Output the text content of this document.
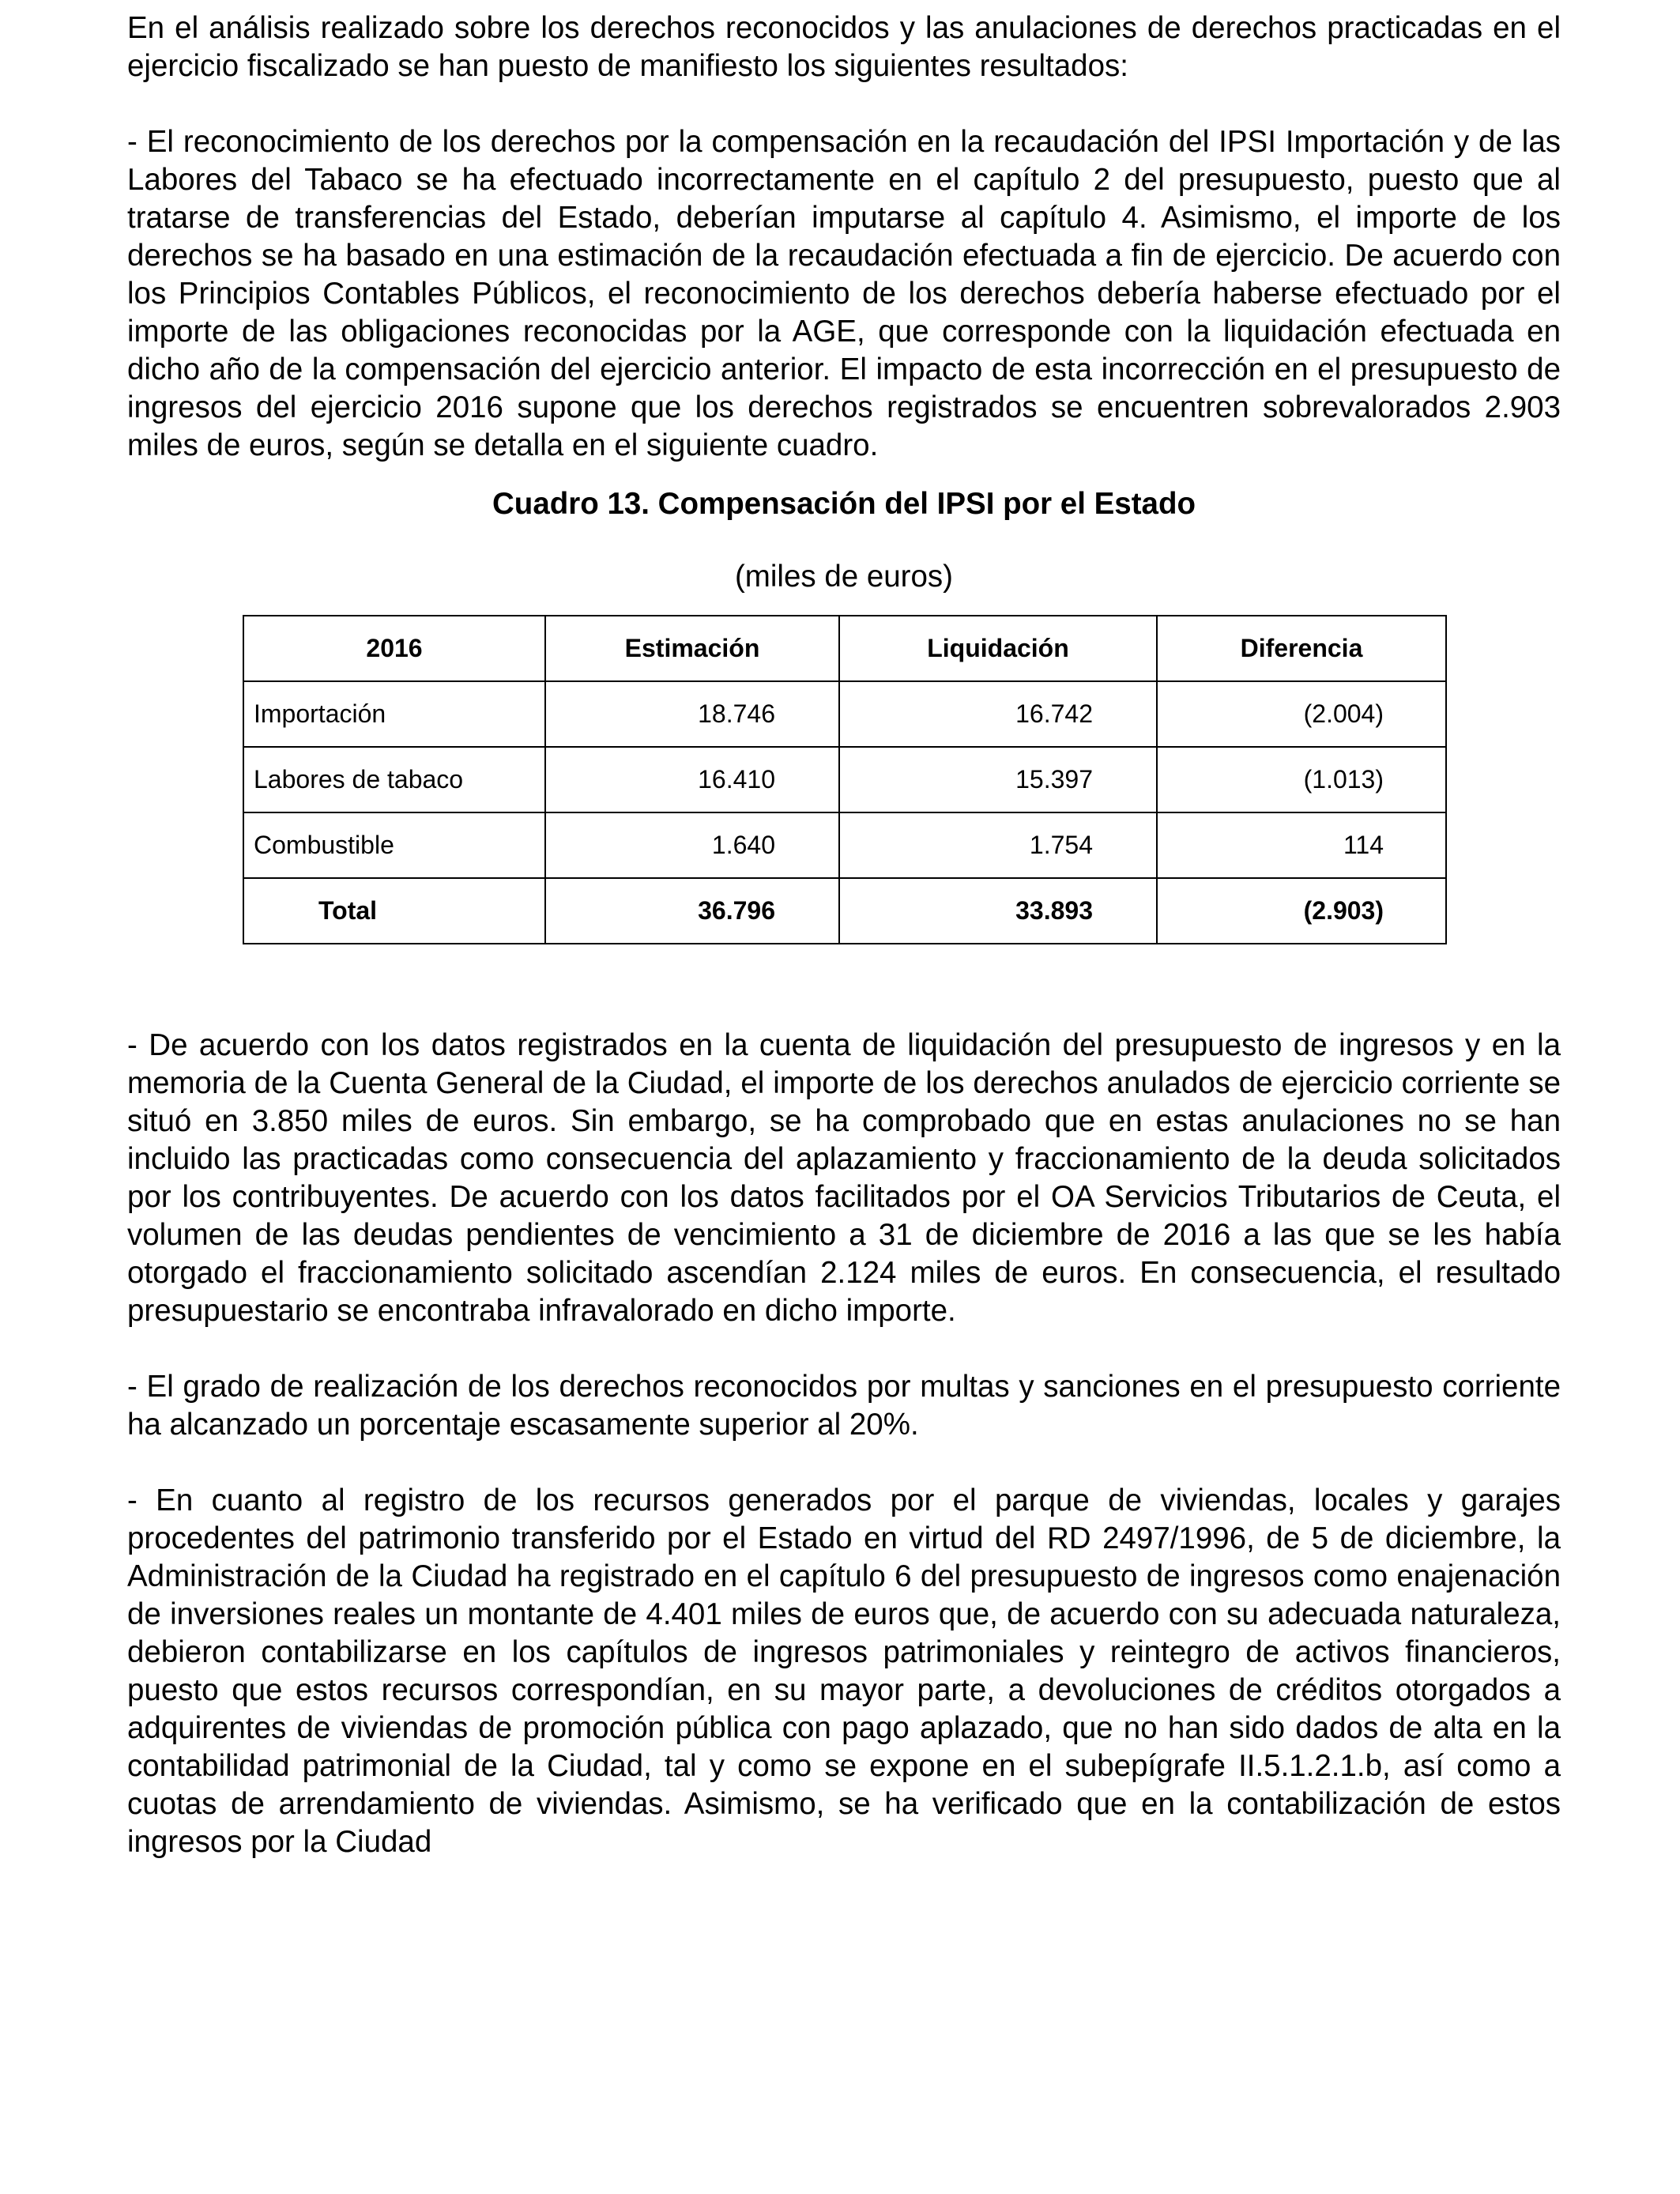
En el análisis realizado sobre los derechos reconocidos y las anulaciones de derechos practicadas en el ejercicio fiscalizado se han puesto de manifiesto los siguientes resultados:

- El reconocimiento de los derechos por la compensación en la recaudación del IPSI Importación y de las Labores del Tabaco se ha efectuado incorrectamente en el capítulo 2 del presupuesto, puesto que al tratarse de transferencias del Estado, deberían imputarse al capítulo 4. Asimismo, el importe de los derechos se ha basado en una estimación de la recaudación efectuada a fin de ejercicio. De acuerdo con los Principios Contables Públicos, el reconocimiento de los derechos debería haberse efectuado por el importe de las obligaciones reconocidas por la AGE, que corresponde con la liquidación efectuada en dicho año de la compensación del ejercicio anterior. El impacto de esta incorrección en el presupuesto de ingresos del ejercicio 2016 supone que los derechos registrados se encuentren sobrevalorados 2.903 miles de euros, según se detalla en el siguiente cuadro.

Cuadro 13. Compensación del IPSI por el Estado

(miles de euros)

2016	Estimación	Liquidación	Diferencia
Importación	18.746	16.742	(2.004)
Labores de tabaco	16.410	15.397	(1.013)
Combustible	1.640	1.754	114
Total	36.796	33.893	(2.903)

- De acuerdo con los datos registrados en la cuenta de liquidación del presupuesto de ingresos y en la memoria de la Cuenta General de la Ciudad, el importe de los derechos anulados de ejercicio corriente se situó en 3.850 miles de euros. Sin embargo, se ha comprobado que en estas anulaciones no se han incluido las practicadas como consecuencia del aplazamiento y fraccionamiento de la deuda solicitados por los contribuyentes. De acuerdo con los datos facilitados por el OA Servicios Tributarios de Ceuta, el volumen de las deudas pendientes de vencimiento a 31 de diciembre de 2016 a las que se les había otorgado el fraccionamiento solicitado ascendían 2.124 miles de euros. En consecuencia, el resultado presupuestario se encontraba infravalorado en dicho importe.

- El grado de realización de los derechos reconocidos por multas y sanciones en el presupuesto corriente ha alcanzado un porcentaje escasamente superior al 20%.

- En cuanto al registro de los recursos generados por el parque de viviendas, locales y garajes procedentes del patrimonio transferido por el Estado en virtud del RD 2497/1996, de 5 de diciembre, la Administración de la Ciudad ha registrado en el capítulo 6 del presupuesto de ingresos como enajenación de inversiones reales un montante de 4.401 miles de euros que, de acuerdo con su adecuada naturaleza, debieron contabilizarse en los capítulos de ingresos patrimoniales y reintegro de activos financieros, puesto que estos recursos correspondían, en su mayor parte, a devoluciones de créditos otorgados a adquirentes de viviendas de promoción pública con pago aplazado, que no han sido dados de alta en la contabilidad patrimonial de la Ciudad, tal y como se expone en el subepígrafe II.5.1.2.1.b, así como a cuotas de arrendamiento de viviendas. Asimismo, se ha verificado que en la contabilización de estos ingresos por la Ciudad
